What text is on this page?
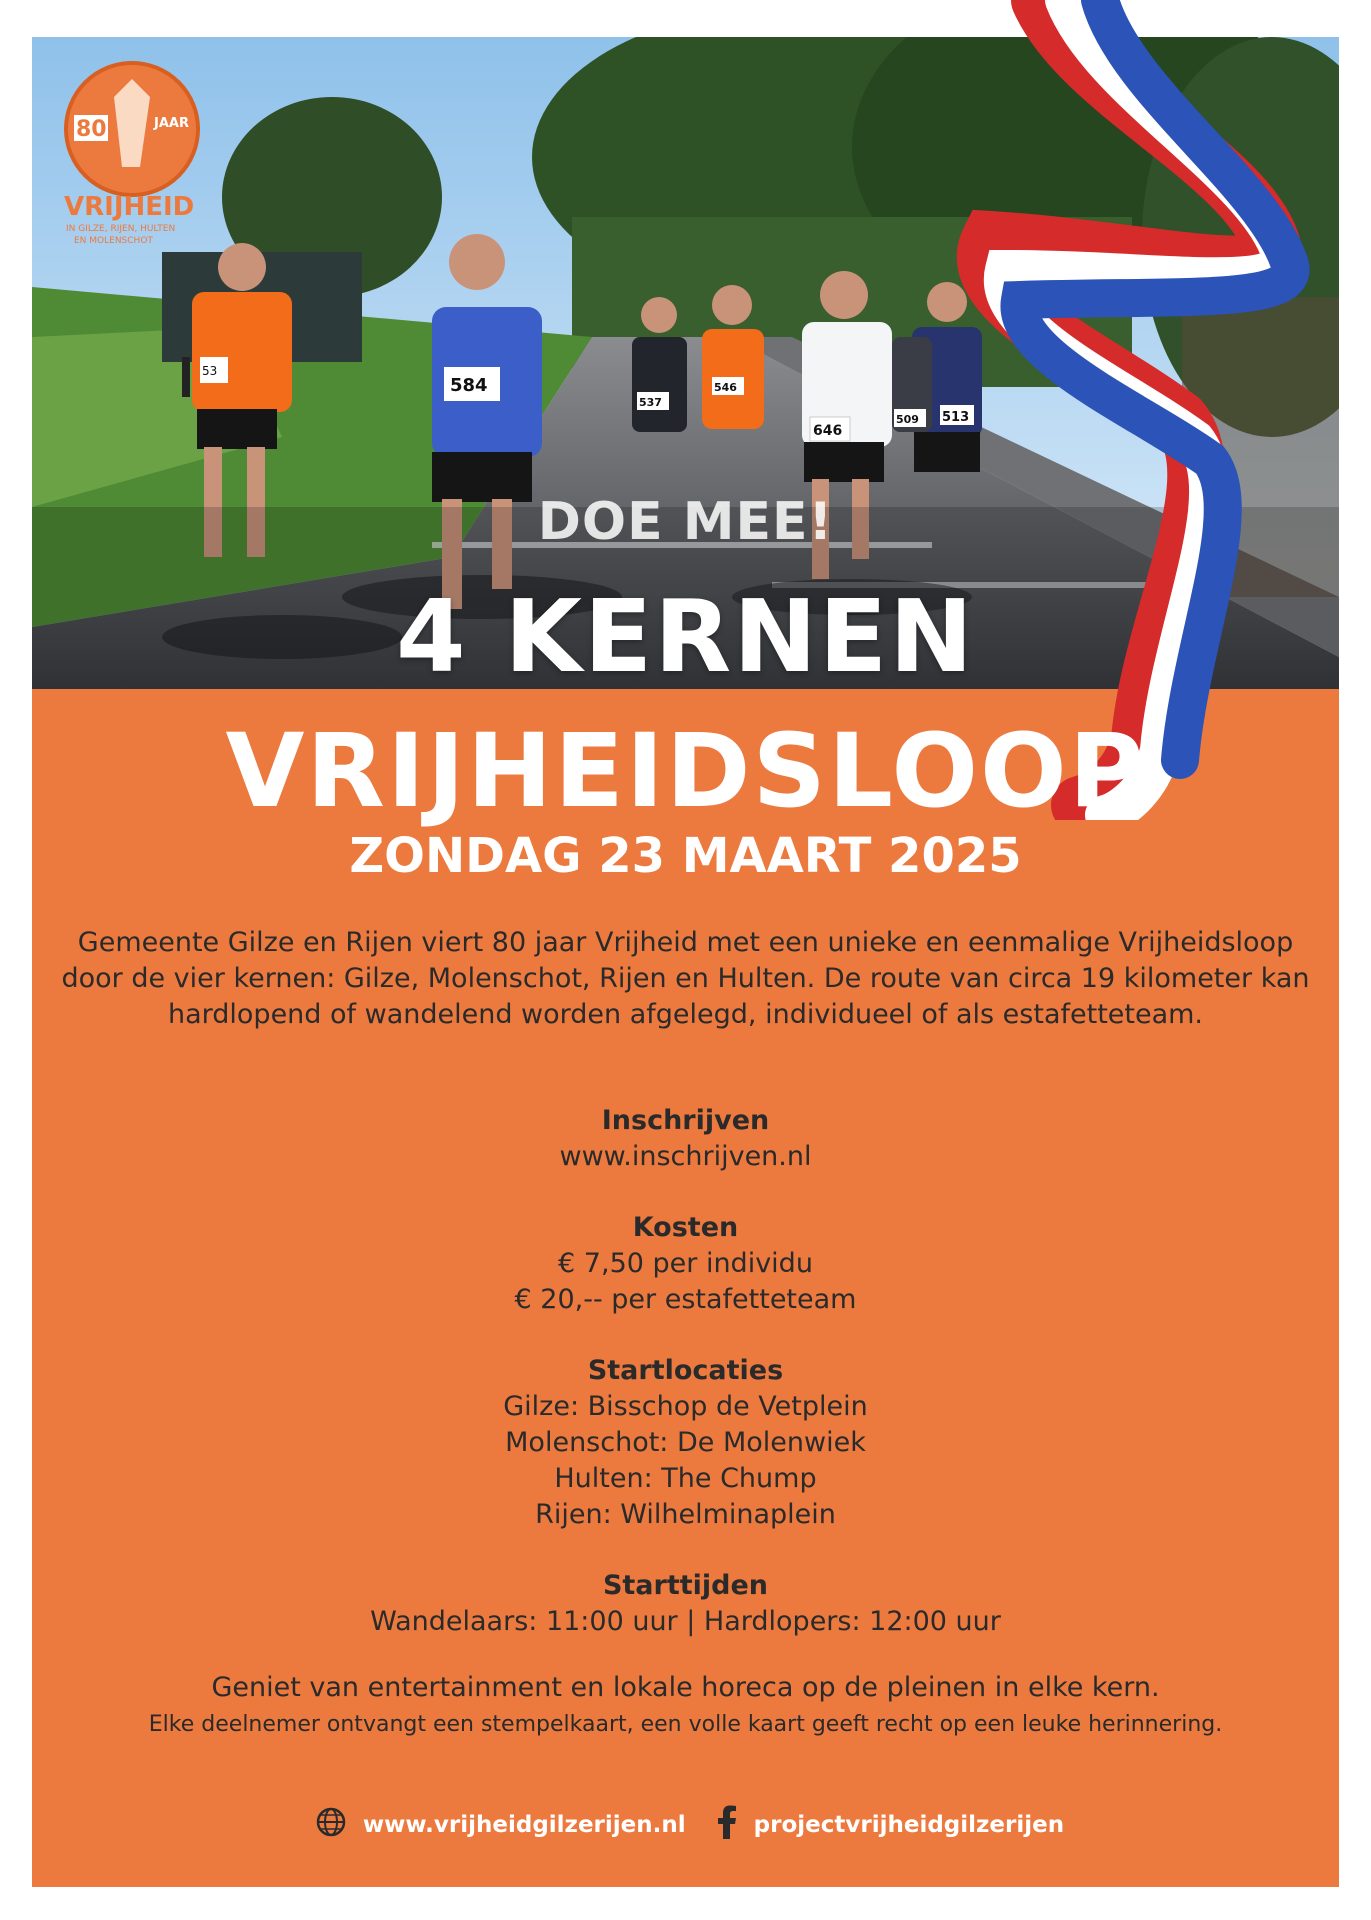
53
584
646
513
509
537
546
80	JAAR
VRIJHEID
IN GILZE, RIJEN, HULTEN
EN MOLENSCHOT
DOE MEE!
4 KERNEN
VRIJHEIDSLOOP
ZONDAG 23 MAART 2025
Gemeente Gilze en Rijen viert 80 jaar Vrijheid met een unieke en eenmalige Vrijheidsloop door de vier kernen: Gilze, Molenschot, Rijen en Hulten. De route van circa 19 kilometer kan hardlopend of wandelend worden afgelegd, individueel of als estafetteteam.
Inschrijven
www.inschrijven.nl
Kosten
€ 7,50 per individu
€ 20,-- per estafetteteam
Startlocaties
Gilze: Bisschop de Vetplein
Molenschot: De Molenwiek
Hulten: The Chump
Rijen: Wilhelminaplein
Starttijden
Wandelaars: 11:00 uur | Hardlopers: 12:00 uur
Geniet van entertainment en lokale horeca op de pleinen in elke kern.
Elke deelnemer ontvangt een stempelkaart, een volle kaart geeft recht op een leuke herinnering.
www.vrijheidgilzerijen.nl	projectvrijheidgilzerijen
